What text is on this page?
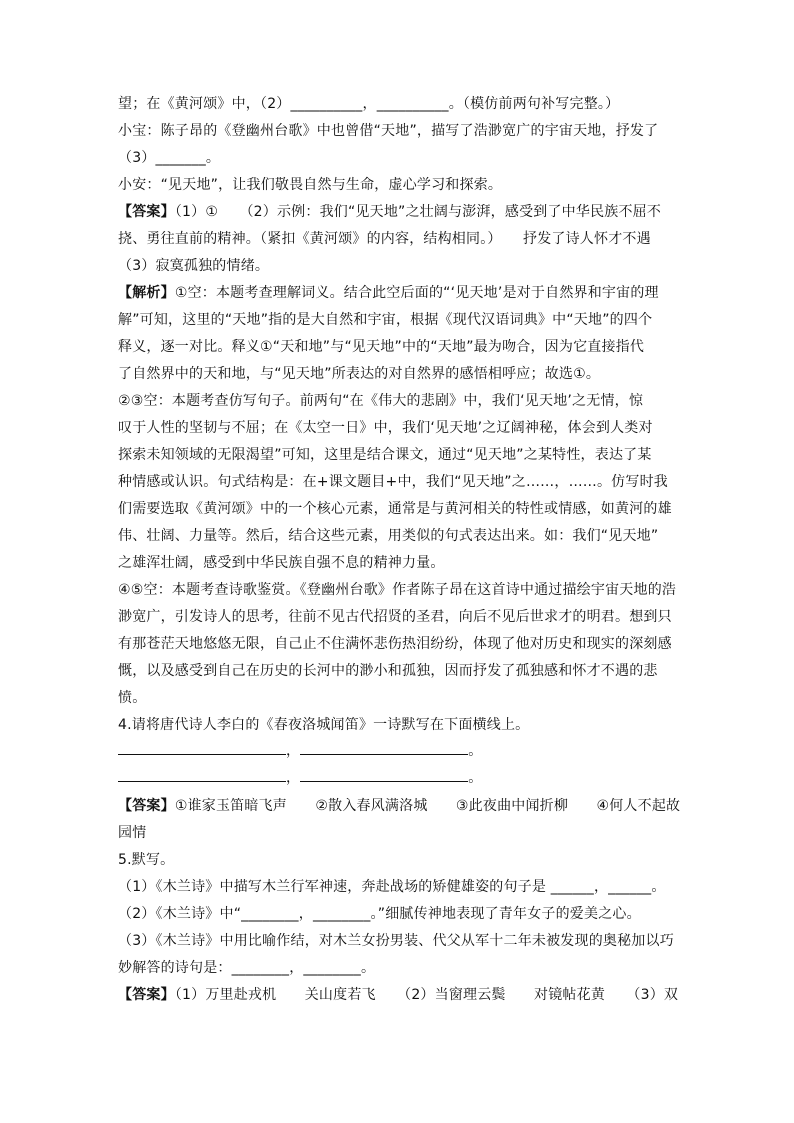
望；在《黄河颂》中，（2）__________，__________。（模仿前两句补写完整。）
小宝：陈子昂的《登幽州台歌》中也曾借“天地”，描写了浩渺宽广的宇宙天地，抒发了
（3）_______。
小安：“见天地”，让我们敬畏自然与生命，虚心学习和探索。
【答案】（1）①　　（2）示例：我们“见天地”之壮阔与澎湃，感受到了中华民族不屈不
挠、勇往直前的精神。（紧扣《黄河颂》的内容，结构相同。）　　抒发了诗人怀才不遇
（3）寂寞孤独的情绪。
【解析】①空：本题考查理解词义。结合此空后面的“‘见天地’是对于自然界和宇宙的理
解”可知，这里的“天地”指的是大自然和宇宙，根据《现代汉语词典》中“天地”的四个
释义，逐一对比。释义①“天和地”与“见天地”中的“天地”最为吻合，因为它直接指代
了自然界中的天和地，与“见天地”所表达的对自然界的感悟相呼应；故选①。
②③空：本题考查仿写句子。前两句“在《伟大的悲剧》中，我们‘见天地’之无情，惊
叹于人性的坚韧与不屈；在《太空一日》中，我们‘见天地’之辽阔神秘，体会到人类对
探索未知领域的无限渴望”可知，这里是结合课文，通过“见天地”之某特性，表达了某
种情感或认识。句式结构是：在+课文题目+中，我们“见天地”之……，……。仿写时我
们需要选取《黄河颂》中的一个核心元素，通常是与黄河相关的特性或情感，如黄河的雄
伟、壮阔、力量等。然后，结合这些元素，用类似的句式表达出来。如：我们“见天地”
之雄浑壮阔，感受到中华民族自强不息的精神力量。
④⑤空：本题考查诗歌鉴赏。《登幽州台歌》作者陈子昂在这首诗中通过描绘宇宙天地的浩
渺宽广，引发诗人的思考，往前不见古代招贤的圣君，向后不见后世求才的明君。想到只
有那苍茫天地悠悠无限，自己止不住满怀悲伤热泪纷纷，体现了他对历史和现实的深刻感
慨，以及感受到自己在历史的长河中的渺小和孤独，因而抒发了孤独感和怀才不遇的悲
愤。
4.请将唐代诗人李白的《春夜洛城闻笛》一诗默写在下面横线上。
，	。
，	。
【答案】①谁家玉笛暗飞声　　②散入春风满洛城　　③此夜曲中闻折柳　　④何人不起故
园情
5.默写。
（1）《木兰诗》中描写木兰行军神速，奔赴战场的矫健雄姿的句子是 ______，______。
（2）《木兰诗》中“________，________。”细腻传神地表现了青年女子的爱美之心。
（3）《木兰诗》中用比喻作结，对木兰女扮男装、代父从军十二年未被发现的奥秘加以巧
妙解答的诗句是：________，________。
【答案】（1）万里赴戎机　　关山度若飞　　（2）当窗理云鬓　　对镜帖花黄　　（3）双
